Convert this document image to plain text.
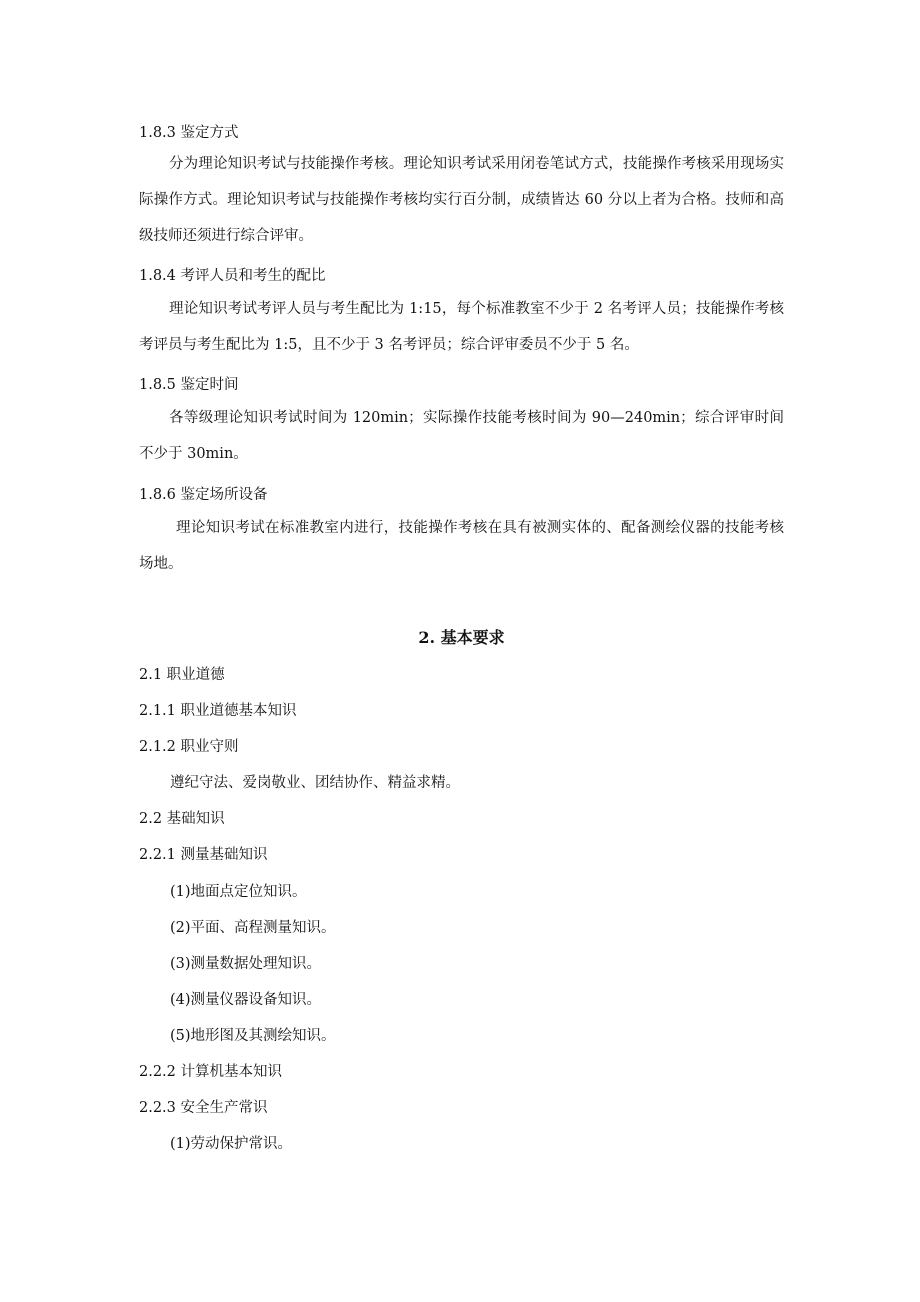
1.8.3 鉴定方式

分为理论知识考试与技能操作考核。理论知识考试采用闭卷笔试方式，技能操作考核采用现场实际操作方式。理论知识考试与技能操作考核均实行百分制，成绩皆达 60 分以上者为合格。技师和高级技师还须进行综合评审。

1.8.4 考评人员和考生的配比

理论知识考试考评人员与考生配比为 1:15，每个标准教室不少于 2 名考评人员；技能操作考核考评员与考生配比为 1:5，且不少于 3 名考评员；综合评审委员不少于 5 名。

1.8.5 鉴定时间

各等级理论知识考试时间为 120min；实际操作技能考核时间为 90—240min；综合评审时间不少于 30min。

1.8.6 鉴定场所设备

理论知识考试在标准教室内进行，技能操作考核在具有被测实体的、配备测绘仪器的技能考核场地。

2. 基本要求
2.1 职业道德
2.1.1 职业道德基本知识
2.1.2 职业守则
遵纪守法、爱岗敬业、团结协作、精益求精。
2.2 基础知识
2.2.1 测量基础知识
(1)地面点定位知识。
(2)平面、高程测量知识。
(3)测量数据处理知识。
(4)测量仪器设备知识。
(5)地形图及其测绘知识。
2.2.2 计算机基本知识
2.2.3 安全生产常识
(1)劳动保护常识。
